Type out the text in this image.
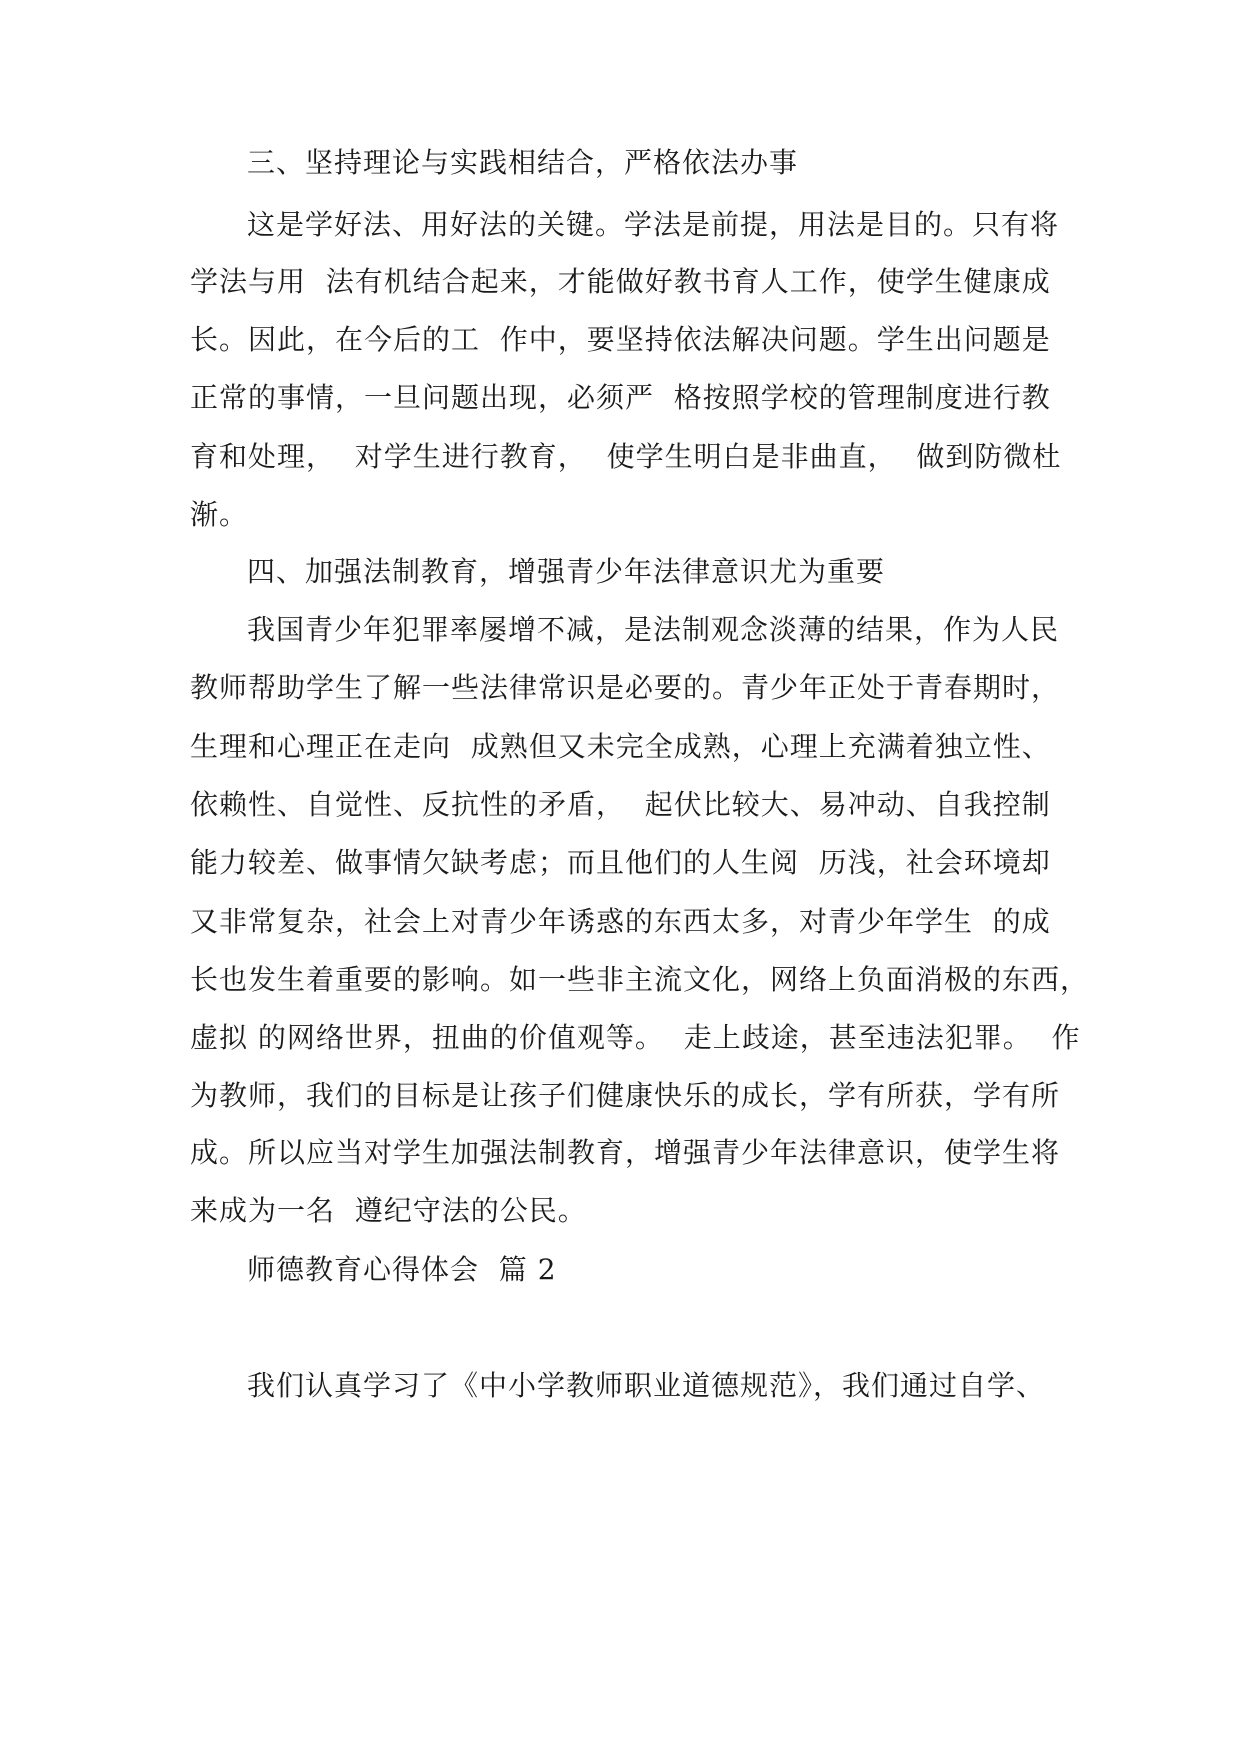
三、坚持理论与实践相结合，严格依法办事
这是学好法、用好法的关键。学法是前提，用法是目的。只有将
学法与用  法有机结合起来，才能做好教书育人工作，使学生健康成
长。因此，在今后的工  作中，要坚持依法解决问题。学生出问题是
正常的事情，一旦问题出现，必须严  格按照学校的管理制度进行教
育和处理，  对学生进行教育，  使学生明白是非曲直，  做到防微杜
渐。
四、加强法制教育，增强青少年法律意识尤为重要
我国青少年犯罪率屡增不减，是法制观念淡薄的结果，作为人民
教师帮助学生了解一些法律常识是必要的。青少年正处于青春期时，
生理和心理正在走向  成熟但又未完全成熟，心理上充满着独立性、
依赖性、自觉性、反抗性的矛盾，  起伏比较大、易冲动、自我控制
能力较差、做事情欠缺考虑；而且他们的人生阅  历浅，社会环境却
又非常复杂，社会上对青少年诱惑的东西太多，对青少年学生  的成
长也发生着重要的影响。如一些非主流文化，网络上负面消极的东西，
虚拟 的网络世界，扭曲的价值观等。  走上歧途，甚至违法犯罪。  作
为教师，我们的目标是让孩子们健康快乐的成长，学有所获，学有所
成。所以应当对学生加强法制教育，增强青少年法律意识，使学生将
来成为一名  遵纪守法的公民。
师德教育心得体会  篇 2
我们认真学习了《中小学教师职业道德规范》，我们通过自学、
